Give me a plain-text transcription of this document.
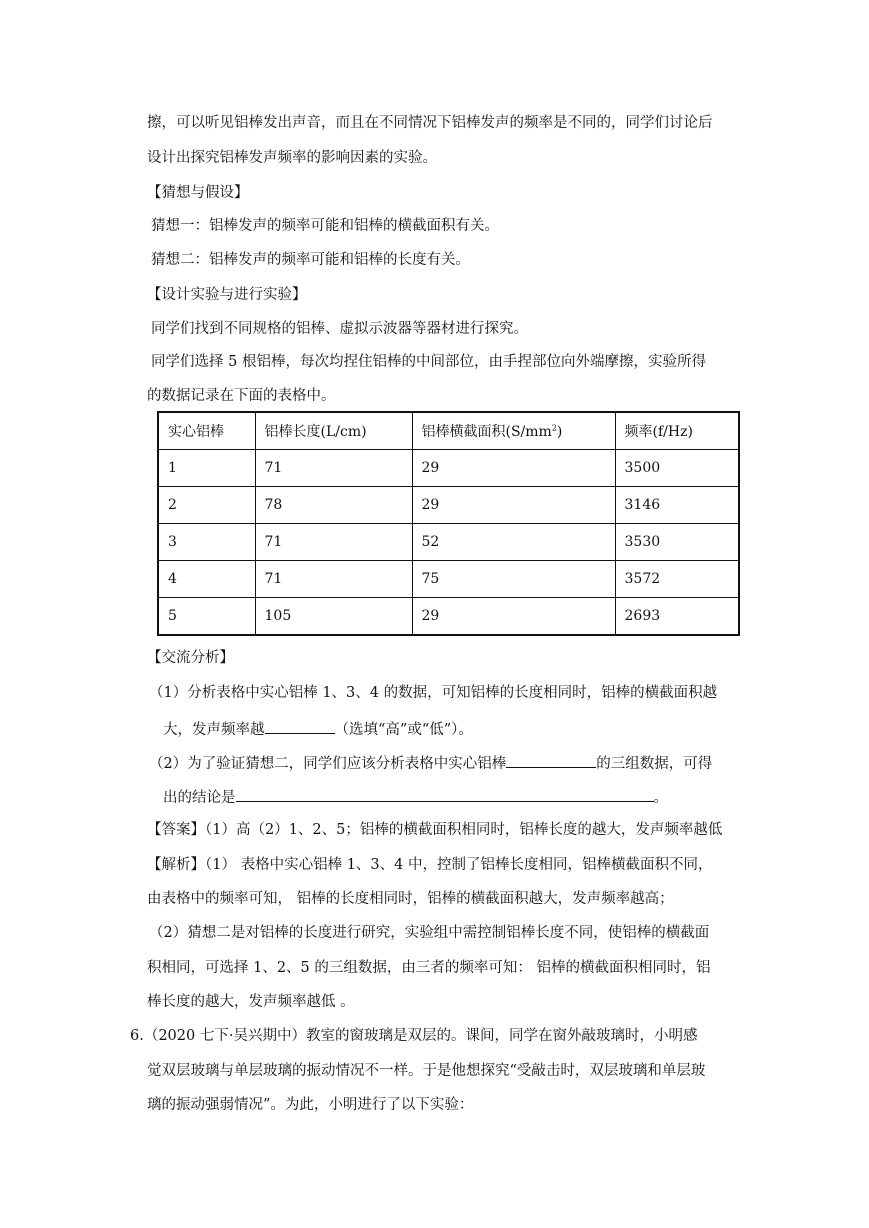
擦，可以听见铝棒发出声音，而且在不同情况下铝棒发声的频率是不同的，同学们讨论后
设计出探究铝棒发声频率的影响因素的实验。
【猜想与假设】
猜想一：铝棒发声的频率可能和铝棒的横截面积有关。
猜想二：铝棒发声的频率可能和铝棒的长度有关。
【设计实验与进行实验】
同学们找到不同规格的铝棒、虚拟示波器等器材进行探究。
同学们选择 5 根铝棒，每次均捏住铝棒的中间部位，由手捏部位向外端摩擦，实验所得
的数据记录在下面的表格中。
实心铝棒	铝棒长度(L/cm)	铝棒横截面积$(S/mm^2)$	频率(f/Hz)
1	71	29	3500
2	78	29	3146
3	71	52	3530
4	71	75	3572
5	105	29	2693
【交流分析】
（1）分析表格中实心铝棒 1、3、4 的数据，可知铝棒的长度相同时，铝棒的横截面积越
大，发声频率越	（选填“高”或“低”）。
（2）为了验证猜想二，同学们应该分析表格中实心铝棒	的三组数据，可得
出的结论是	。
【答案】（1）高（2）1、2、5；铝棒的横截面积相同时，铝棒长度的越大，发声频率越低
【解析】（1） 表格中实心铝棒 1、3、4 中，控制了铝棒长度相同，铝棒横截面积不同，
由表格中的频率可知， 铝棒的长度相同时，铝棒的横截面积越大，发声频率越高；
（2）猜想二是对铝棒的长度进行研究，实验组中需控制铝棒长度不同，使铝棒的横截面
积相同，可选择 1、2、5 的三组数据，由三者的频率可知： 铝棒的横截面积相同时，铝
棒长度的越大，发声频率越低 。
6.（2020 七下·吴兴期中）教室的窗玻璃是双层的。课间，同学在窗外敲玻璃时，小明感
觉双层玻璃与单层玻璃的振动情况不一样。于是他想探究“受敲击时，双层玻璃和单层玻
璃的振动强弱情况”。为此，小明进行了以下实验：
